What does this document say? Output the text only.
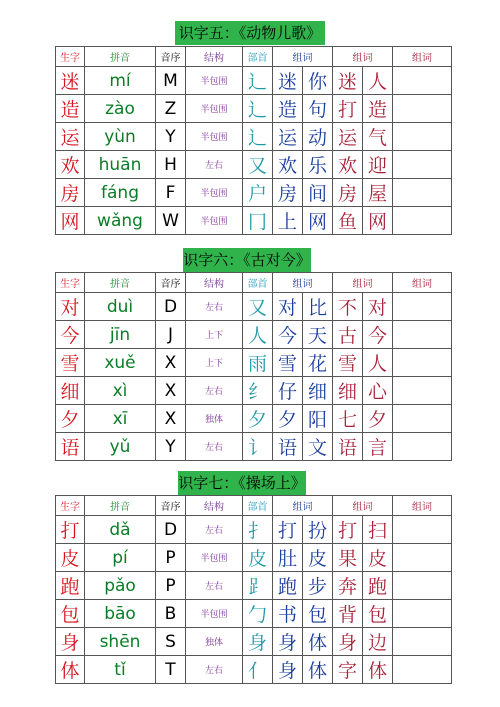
识字五：《动物儿歌》
生字	拼音	音序	结构	部首	组词		组词		组词
迷	mí	M	半包围	辶	迷	你	迷	人	
造	zào	Z	半包围	辶	造	句	打	造	
运	yùn	Y	半包围	辶	运	动	运	气	
欢	huān	H	左右	又	欢	乐	欢	迎	
房	fáng	F	半包围	户	房	间	房	屋	
网	wǎng	W	半包围	冂	上	网	鱼	网	
识字六：《古对今》
生字	拼音	音序	结构	部首	组词		组词		组词
对	duì	D	左右	又	对	比	不	对	
今	jīn	J	上下	人	今	天	古	今	
雪	xuě	X	上下	雨	雪	花	雪	人	
细	xì	X	左右	纟	仔	细	细	心	
夕	xī	X	独体	夕	夕	阳	七	夕	
语	yǔ	Y	左右	讠	语	文	语	言	
识字七：《操场上》
生字	拼音	音序	结构	部首	组词		组词		组词
打	dǎ	D	左右	扌	打	扮	打	扫	
皮	pí	P	半包围	皮	肚	皮	果	皮	
跑	pǎo	P	左右	⻊	跑	步	奔	跑	
包	bāo	B	半包围	勹	书	包	背	包	
身	shēn	S	独体	身	身	体	身	边	
体	tǐ	T	左右	亻	身	体	字	体	
